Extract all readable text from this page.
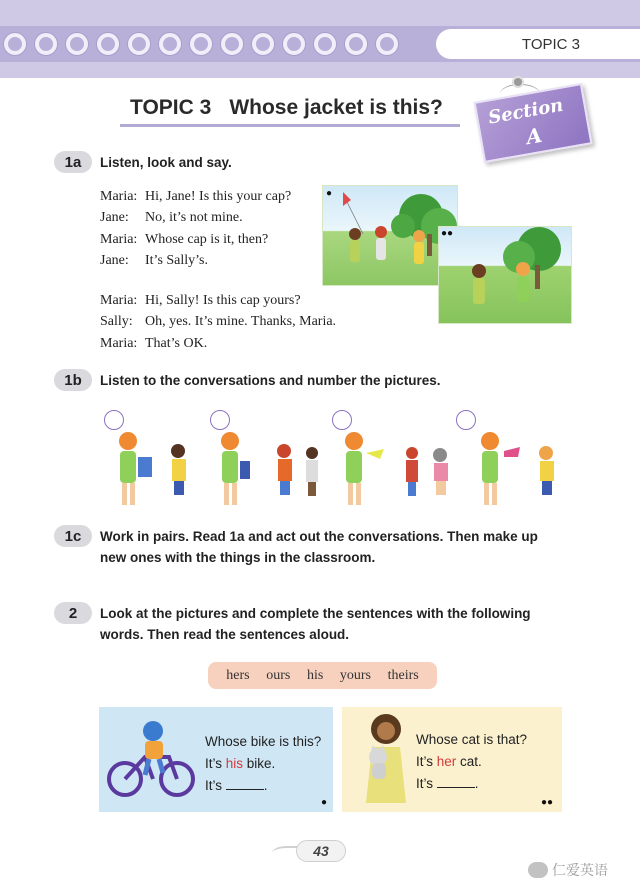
TOPIC 3
TOPIC 3 Whose jacket is this? Section
A
1a	Listen, look and say.
Maria: Hi, Jane! Is this your cap?
Jane:	No, it’s not mine.
Maria: Whose cap is it, then?
Jane:	It’s Sally’s.
Maria: Hi, Sally! Is this cap yours?
Sally: Oh, yes. It’s mine. Thanks, Maria.
Maria: That’s OK.
●
●●
1b	Listen to the conversations and number the pictures.
1c	Work in pairs. Read 1a and act out the conversations. Then make up
new ones with the things in the classroom.
2	Look at the pictures and complete the sentences with the following
words. Then read the sentences aloud.
hers ours his yours theirs
Whose bike is this?
It’s his bike.
It’s	.
●
Whose cat is that?
It’s her cat.
It’s	.
●●
43
仁爱英语
